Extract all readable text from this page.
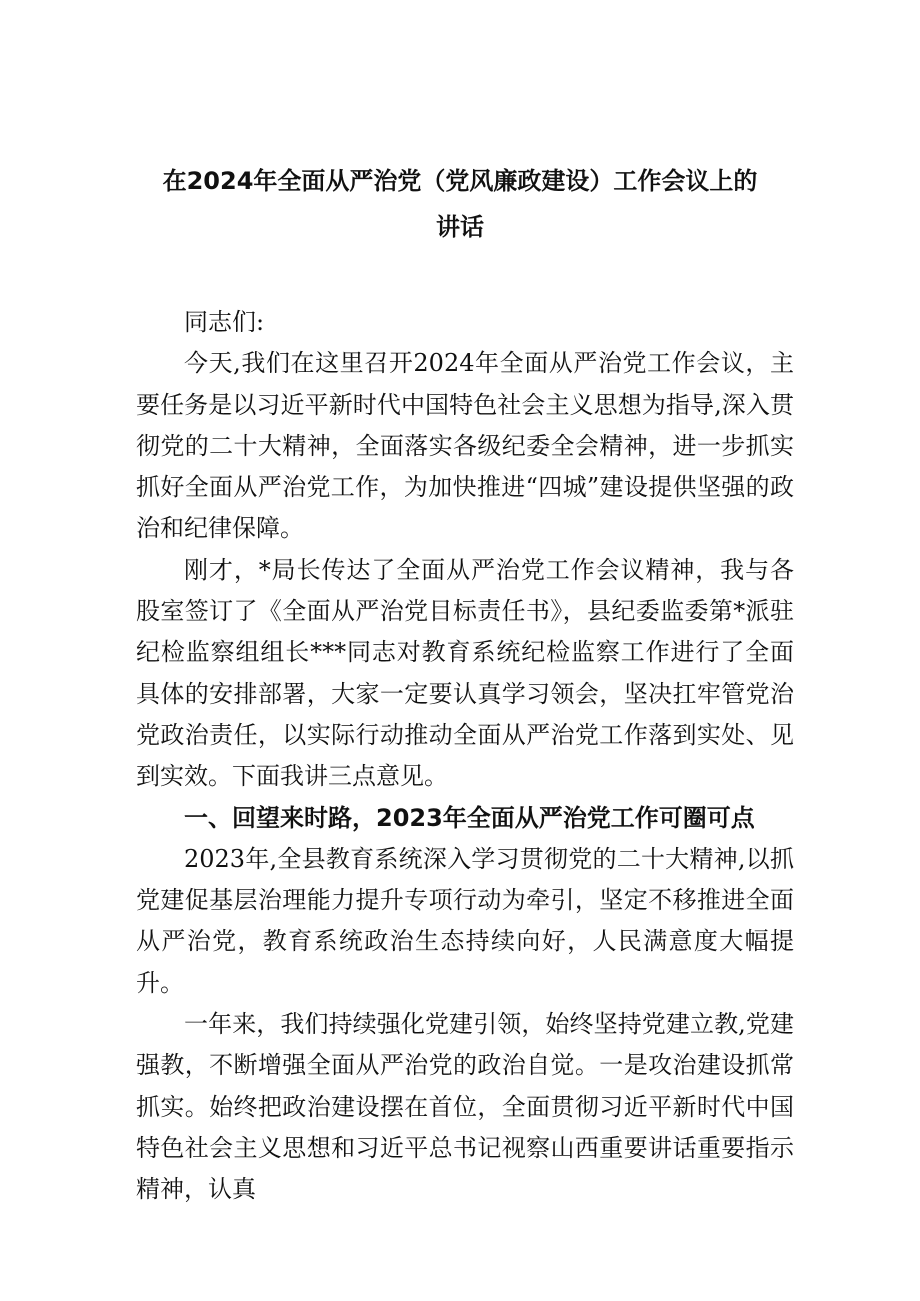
在2024年全面从严治党（党风廉政建设）工作会议上的
讲话

同志们:

今天,我们在这里召开2024年全面从严治党工作会议，主要任务是以习近平新时代中国特色社会主义思想为指导,深入贯彻党的二十大精神，全面落实各级纪委全会精神，进一步抓实抓好全面从严治党工作，为加快推进“四城”建设提供坚强的政治和纪律保障。

刚才，*局长传达了全面从严治党工作会议精神，我与各股室签订了《全面从严治党目标责任书》，县纪委监委第*派驻纪检监察组组长***同志对教育系统纪检监察工作进行了全面具体的安排部署，大家一定要认真学习领会，坚决扛牢管党治党政治责任，以实际行动推动全面从严治党工作落到实处、见到实效。下面我讲三点意见。

一、回望来时路，2023年全面从严治党工作可圈可点

2023年,全县教育系统深入学习贯彻党的二十大精神,以抓党建促基层治理能力提升专项行动为牵引，坚定不移推进全面从严治党，教育系统政治生态持续向好，人民满意度大幅提升。

一年来，我们持续强化党建引领，始终坚持党建立教,党建强教，不断增强全面从严治党的政治自觉。一是攻治建设抓常抓实。始终把政治建设摆在首位，全面贯彻习近平新时代中国特色社会主义思想和习近平总书记视察山西重要讲话重要指示精神，认真
